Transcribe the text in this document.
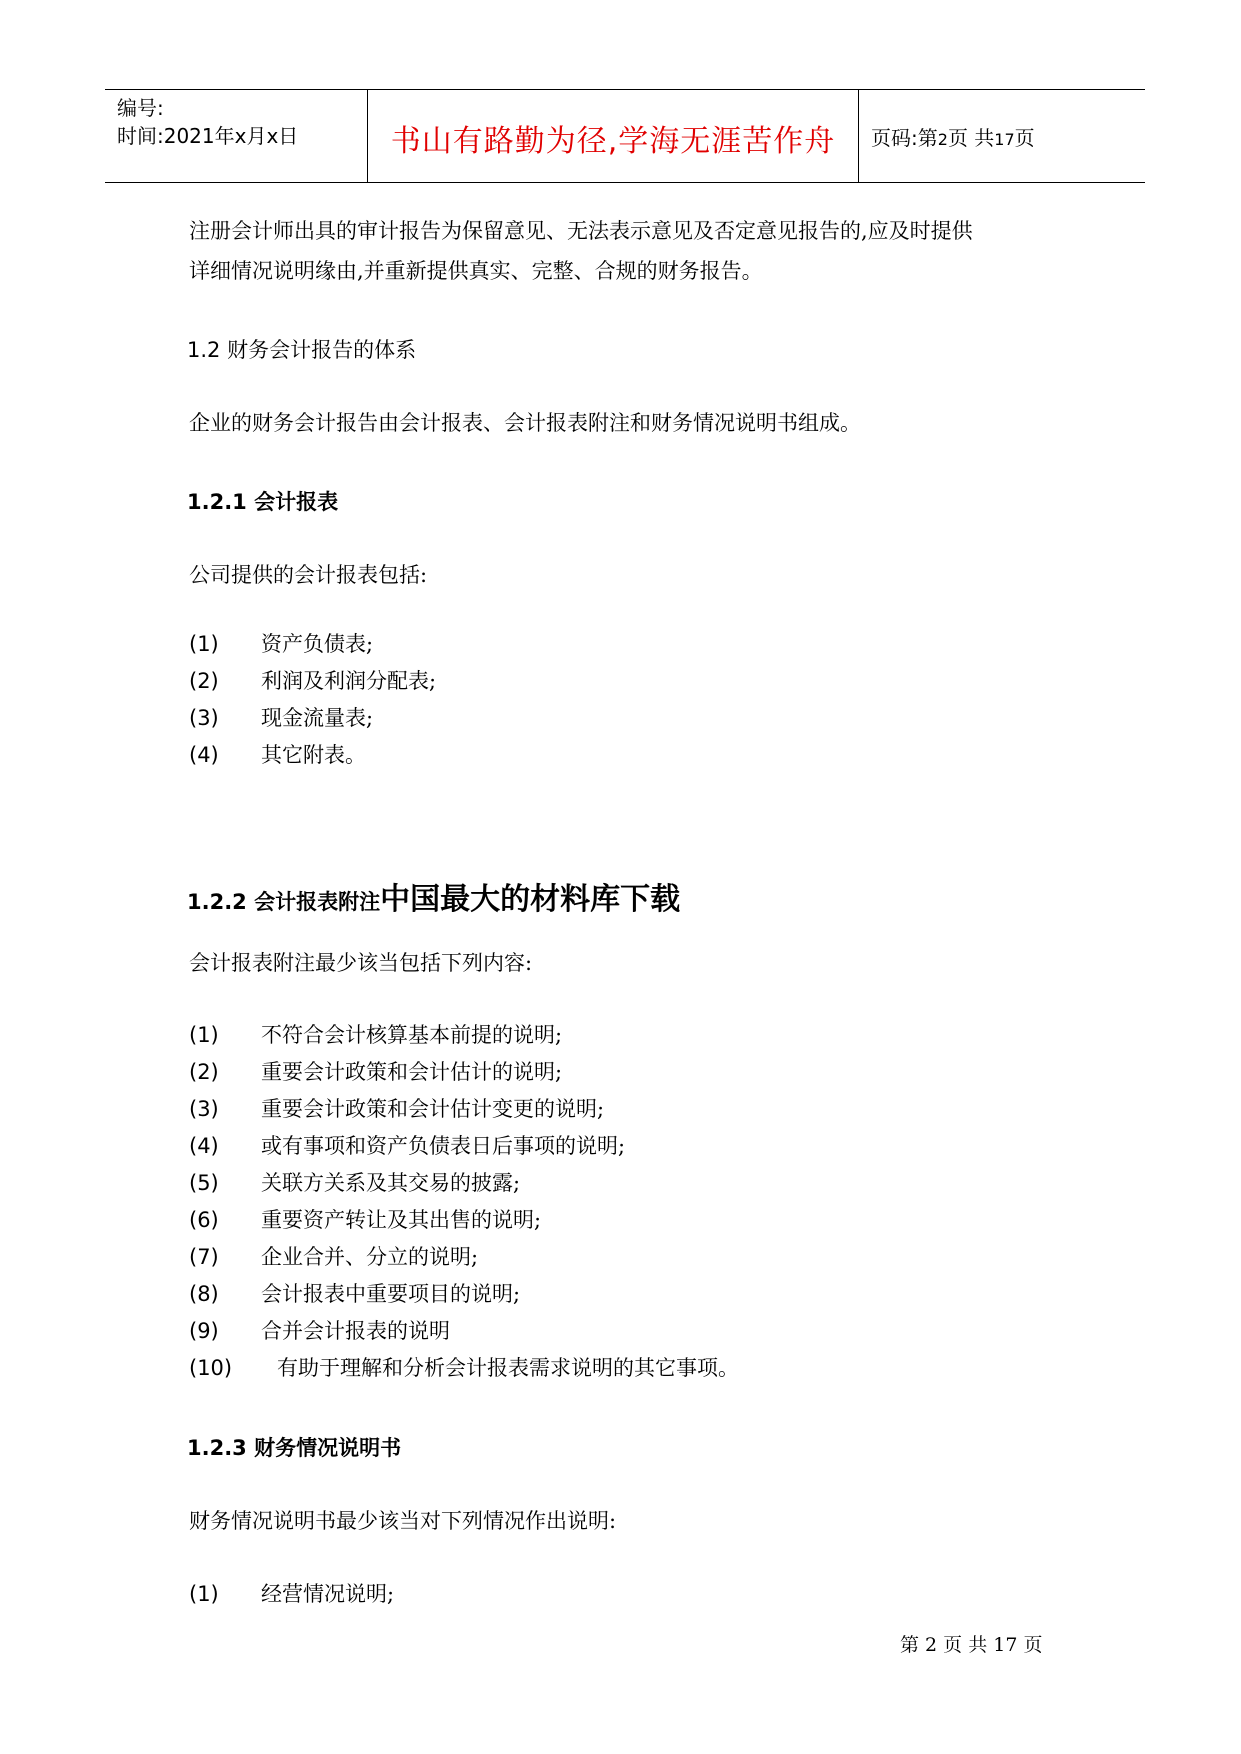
编号:
时间:2021年x月x日	书山有路勤为径,学海无涯苦作舟	页码:第2页 共17页
注册会计师出具的审计报告为保留意见、无法表示意见及否定意见报告的,应及时提供
详细情况说明缘由,并重新提供真实、完整、合规的财务报告。
1.2 财务会计报告的体系
企业的财务会计报告由会计报表、会计报表附注和财务情况说明书组成。
1.2.1 会计报表
公司提供的会计报表包括:
(1) 资产负债表;
(2) 利润及利润分配表;
(3) 现金流量表;
(4) 其它附表。
1.2.2 会计报表附注中国最大的材料库下载
会计报表附注最少该当包括下列内容:
(1) 不符合会计核算基本前提的说明;
(2) 重要会计政策和会计估计的说明;
(3) 重要会计政策和会计估计变更的说明;
(4) 或有事项和资产负债表日后事项的说明;
(5) 关联方关系及其交易的披露;
(6) 重要资产转让及其出售的说明;
(7) 企业合并、分立的说明;
(8) 会计报表中重要项目的说明;
(9) 合并会计报表的说明
(10) 有助于理解和分析会计报表需求说明的其它事项。
1.2.3 财务情况说明书
财务情况说明书最少该当对下列情况作出说明:
(1) 经营情况说明;
第 2 页 共 17 页
